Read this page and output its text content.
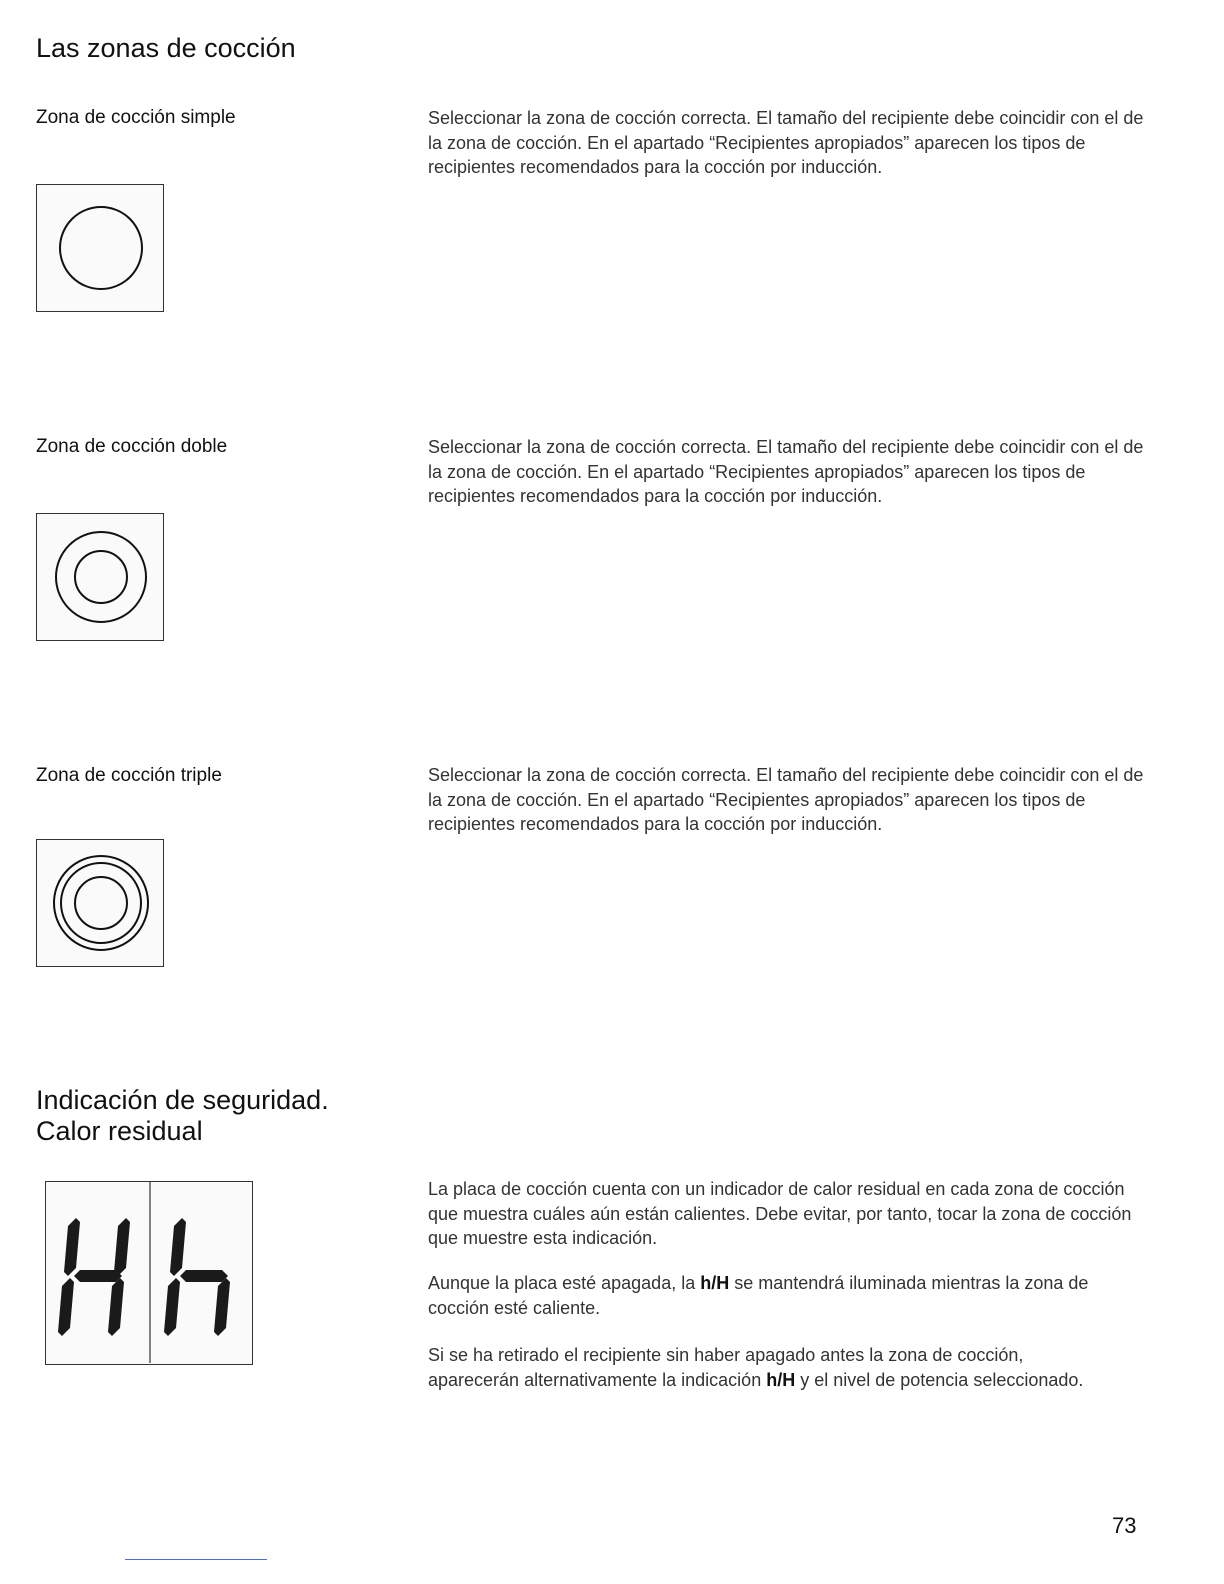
Las zonas de cocción
Zona de cocción simple	Seleccionar la zona de cocción correcta. El tamaño del recipiente debe coincidir con el de la zona de cocción. En el apartado “Recipientes apropiados” aparecen los tipos de recipientes recomendados para la cocción por inducción.

Zona de cocción doble	Seleccionar la zona de cocción correcta. El tamaño del recipiente debe coincidir con el de la zona de cocción. En el apartado “Recipientes apropiados” aparecen los tipos de recipientes recomendados para la cocción por inducción.

Zona de cocción triple	Seleccionar la zona de cocción correcta. El tamaño del recipiente debe coincidir con el de la zona de cocción. En el apartado “Recipientes apropiados” aparecen los tipos de recipientes recomendados para la cocción por inducción.

Indicación de seguridad.
Calor residual

La placa de cocción cuenta con un indicador de calor residual en cada zona de cocción que muestra cuáles aún están calientes. Debe evitar, por tanto, tocar la zona de cocción que muestre esta indicación.

Aunque la placa esté apagada, la h/H se mantendrá iluminada mientras la zona de cocción esté caliente.

Si se ha retirado el recipiente sin haber apagado antes la zona de cocción,
aparecerán alternativamente la indicación h/H y el nivel de potencia seleccionado.
73
